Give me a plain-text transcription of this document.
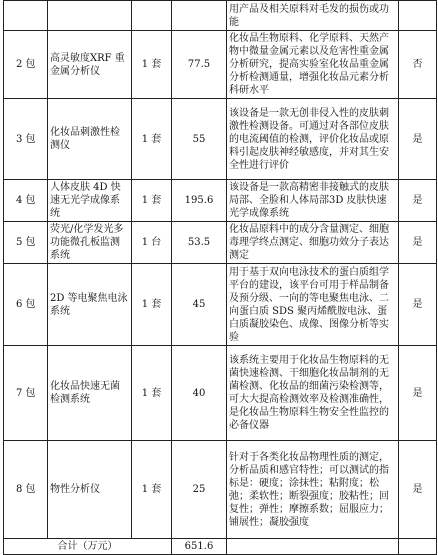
				用产品及相关原料对毛发的损伤或功能	
2 包	高灵敏度XRF 重金属分析仪	1 套	77.5	化妆品生物原料、化学原料、天然产物中微量金属元素以及危害性重金属分析研究，提高实验室化妆品重金属分析检测通量，增强化妆品元素分析科研水平	否
3 包	化妆品刺激性检测仪	1 套	55	该设备是一款无创非侵入性的皮肤刺激性检测设备。可通过对各部位皮肤的电流阈值的检测，评价化妆品或原料引起皮肤神经敏感度，并对其生安全性进行评价	是
4 包	人体皮肤 4D 快速无光学成像系统	1 套	195.6	该设备是一款高精密非接触式的皮肤局部、全脸和人体局部3D 皮肤快速光学成像系统	是
5 包	荧光/化学发光多功能微孔板监测系统	1 台	53.5	化妆品原料中的成分含量测定、细胞毒理学终点测定、细胞功效分子表达测定	是
6 包	2D 等电聚焦电泳系统	1 套	45	用于基于双向电泳技术的蛋白质组学平台的建设，该平台可用于样品制备及预分级、一向的等电聚焦电泳、二向蛋白质 SDS 聚丙烯酰胺电泳、蛋白质凝胶染色、成像、图像分析等实验	是
7 包	化妆品快速无菌检测系统	1 套	40	该系统主要用于化妆品生物原料的无菌快速检测、干细胞化妆品制剂的无菌检测、化妆品的细菌污染检测等，可大大提高检测效率及检测准确性，是化妆品生物原料生物安全性监控的必备仪器	是
8 包	物性分析仪	1 套	25	针对于各类化妆品物理性质的测定，分析品质和感官特性；可以测试的指标是：硬度；涂抹性；粘附度；松弛；柔软性；断裂强度；胶粘性；回复性；弹性；摩擦系数；屈服应力；铺展性；凝胶强度	是
合计（万元）			651.6		
